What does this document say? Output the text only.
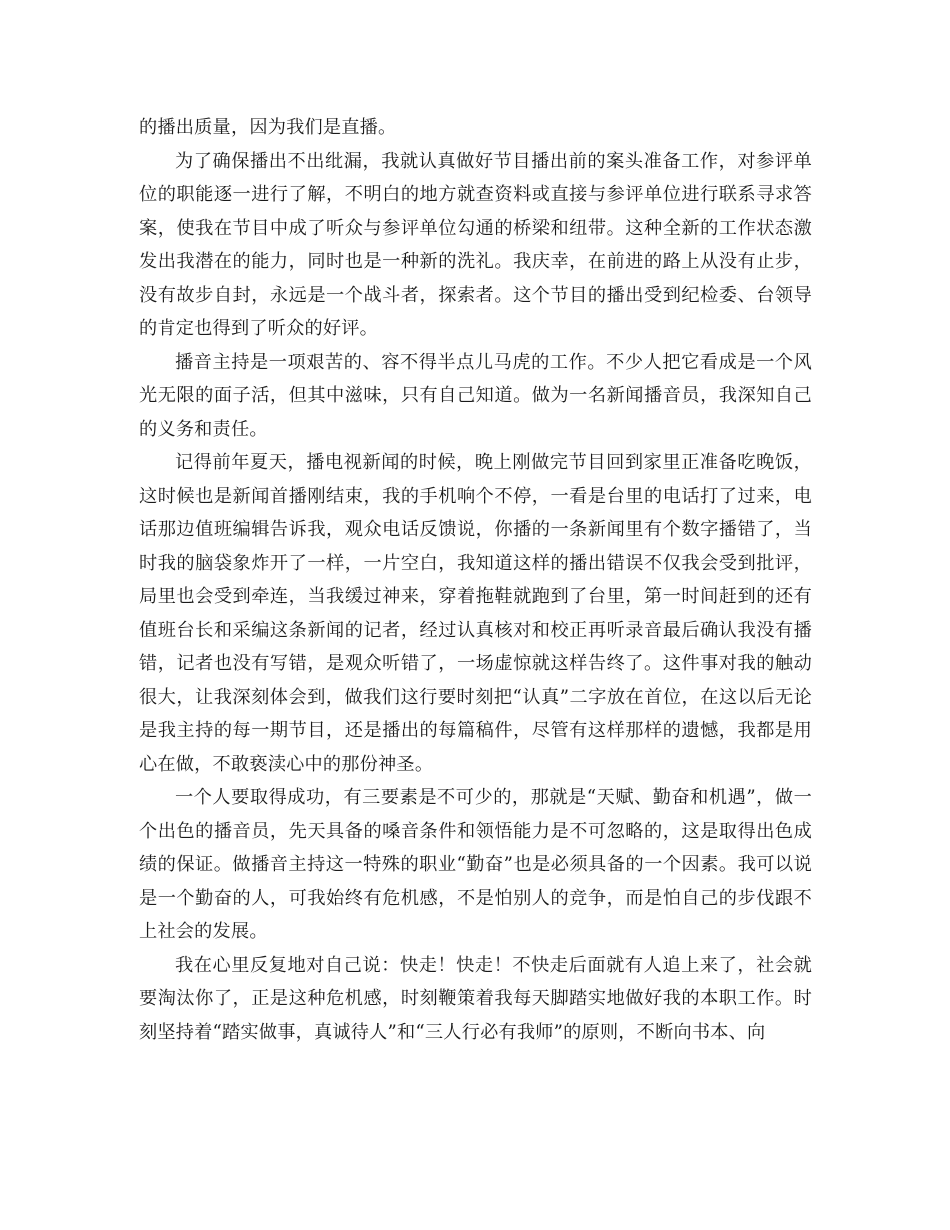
的播出质量，因为我们是直播。

为了确保播出不出纰漏，我就认真做好节目播出前的案头准备工作，对参评单位的职能逐一进行了解，不明白的地方就查资料或直接与参评单位进行联系寻求答案，使我在节目中成了听众与参评单位勾通的桥梁和纽带。这种全新的工作状态激发出我潜在的能力，同时也是一种新的洗礼。我庆幸，在前进的路上从没有止步，没有故步自封，永远是一个战斗者，探索者。这个节目的播出受到纪检委、台领导的肯定也得到了听众的好评。

播音主持是一项艰苦的、容不得半点儿马虎的工作。不少人把它看成是一个风光无限的面子活，但其中滋味，只有自己知道。做为一名新闻播音员，我深知自己的义务和责任。

记得前年夏天，播电视新闻的时候，晚上刚做完节目回到家里正准备吃晚饭，这时候也是新闻首播刚结束，我的手机响个不停，一看是台里的电话打了过来，电话那边值班编辑告诉我，观众电话反馈说，你播的一条新闻里有个数字播错了，当时我的脑袋象炸开了一样，一片空白，我知道这样的播出错误不仅我会受到批评，局里也会受到牵连，当我缓过神来，穿着拖鞋就跑到了台里，第一时间赶到的还有值班台长和采编这条新闻的记者，经过认真核对和校正再听录音最后确认我没有播错，记者也没有写错，是观众听错了，一场虚惊就这样告终了。这件事对我的触动很大，让我深刻体会到，做我们这行要时刻把“认真”二字放在首位，在这以后无论是我主持的每一期节目，还是播出的每篇稿件，尽管有这样那样的遗憾，我都是用心在做，不敢亵渎心中的那份神圣。

一个人要取得成功，有三要素是不可少的，那就是“天赋、勤奋和机遇”，做一个出色的播音员，先天具备的嗓音条件和领悟能力是不可忽略的，这是取得出色成绩的保证。做播音主持这一特殊的职业“勤奋”也是必须具备的一个因素。我可以说是一个勤奋的人，可我始终有危机感，不是怕别人的竞争，而是怕自己的步伐跟不上社会的发展。

我在心里反复地对自己说：快走！快走！不快走后面就有人追上来了，社会就要淘汰你了，正是这种危机感，时刻鞭策着我每天脚踏实地做好我的本职工作。时刻坚持着“踏实做事，真诚待人”和“三人行必有我师”的原则，不断向书本、向
